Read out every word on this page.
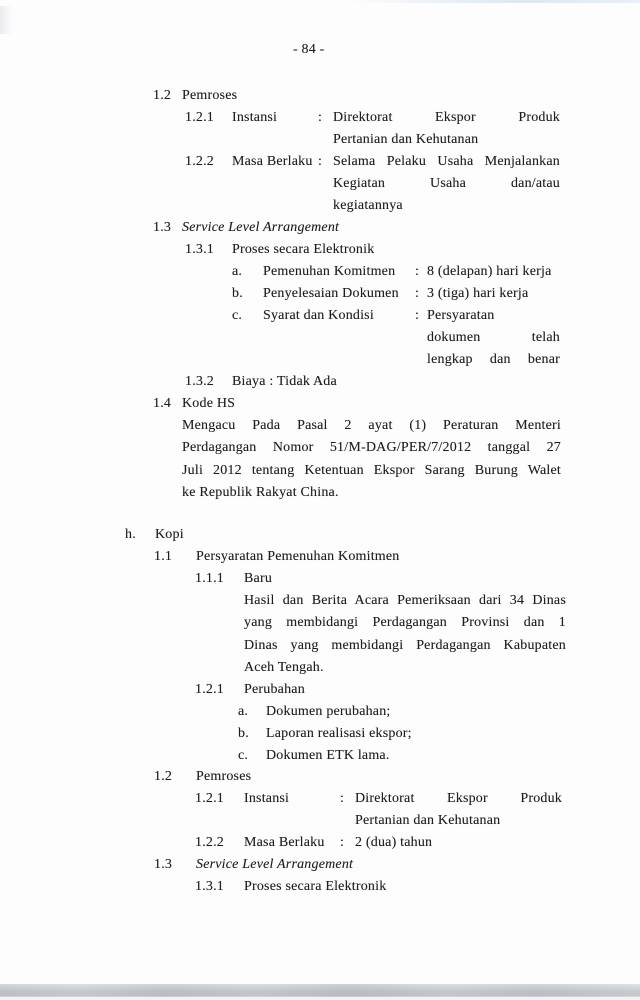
- 84 -
1.2 Pemroses
1.2.1 Instansi	: Direktorat Ekspor Produk
Pertanian dan Kehutanan
1.2.2 Masa Berlaku : Selama Pelaku Usaha Menjalankan
Kegiatan Usaha dan/atau
kegiatannya
1.3 Service Level Arrangement
1.3.1 Proses secara Elektronik
a. Pemenuhan Komitmen : 8 (delapan) hari kerja
b. Penyelesaian Dokumen : 3 (tiga) hari kerja
c. Syarat dan Kondisi	: Persyaratan
dokumen telah
lengkap dan benar
1.3.2 Biaya : Tidak Ada
1.4 Kode HS
Mengacu Pada Pasal 2 ayat (1) Peraturan Menteri
Perdagangan Nomor 51/M-DAG/PER/7/2012 tanggal 27
Juli 2012 tentang Ketentuan Ekspor Sarang Burung Walet
ke Republik Rakyat China.
h. Kopi
1.1 Persyaratan Pemenuhan Komitmen
1.1.1 Baru
Hasil dan Berita Acara Pemeriksaan dari 34 Dinas
yang membidangi Perdagangan Provinsi dan 1
Dinas yang membidangi Perdagangan Kabupaten
Aceh Tengah.
1.2.1 Perubahan
a. Dokumen perubahan;
b. Laporan realisasi ekspor;
c. Dokumen ETK lama.
1.2 Pemroses
1.2.1 Instansi	: Direktorat Ekspor Produk
Pertanian dan Kehutanan
1.2.2 Masa Berlaku : 2 (dua) tahun
1.3 Service Level Arrangement
1.3.1 Proses secara Elektronik
